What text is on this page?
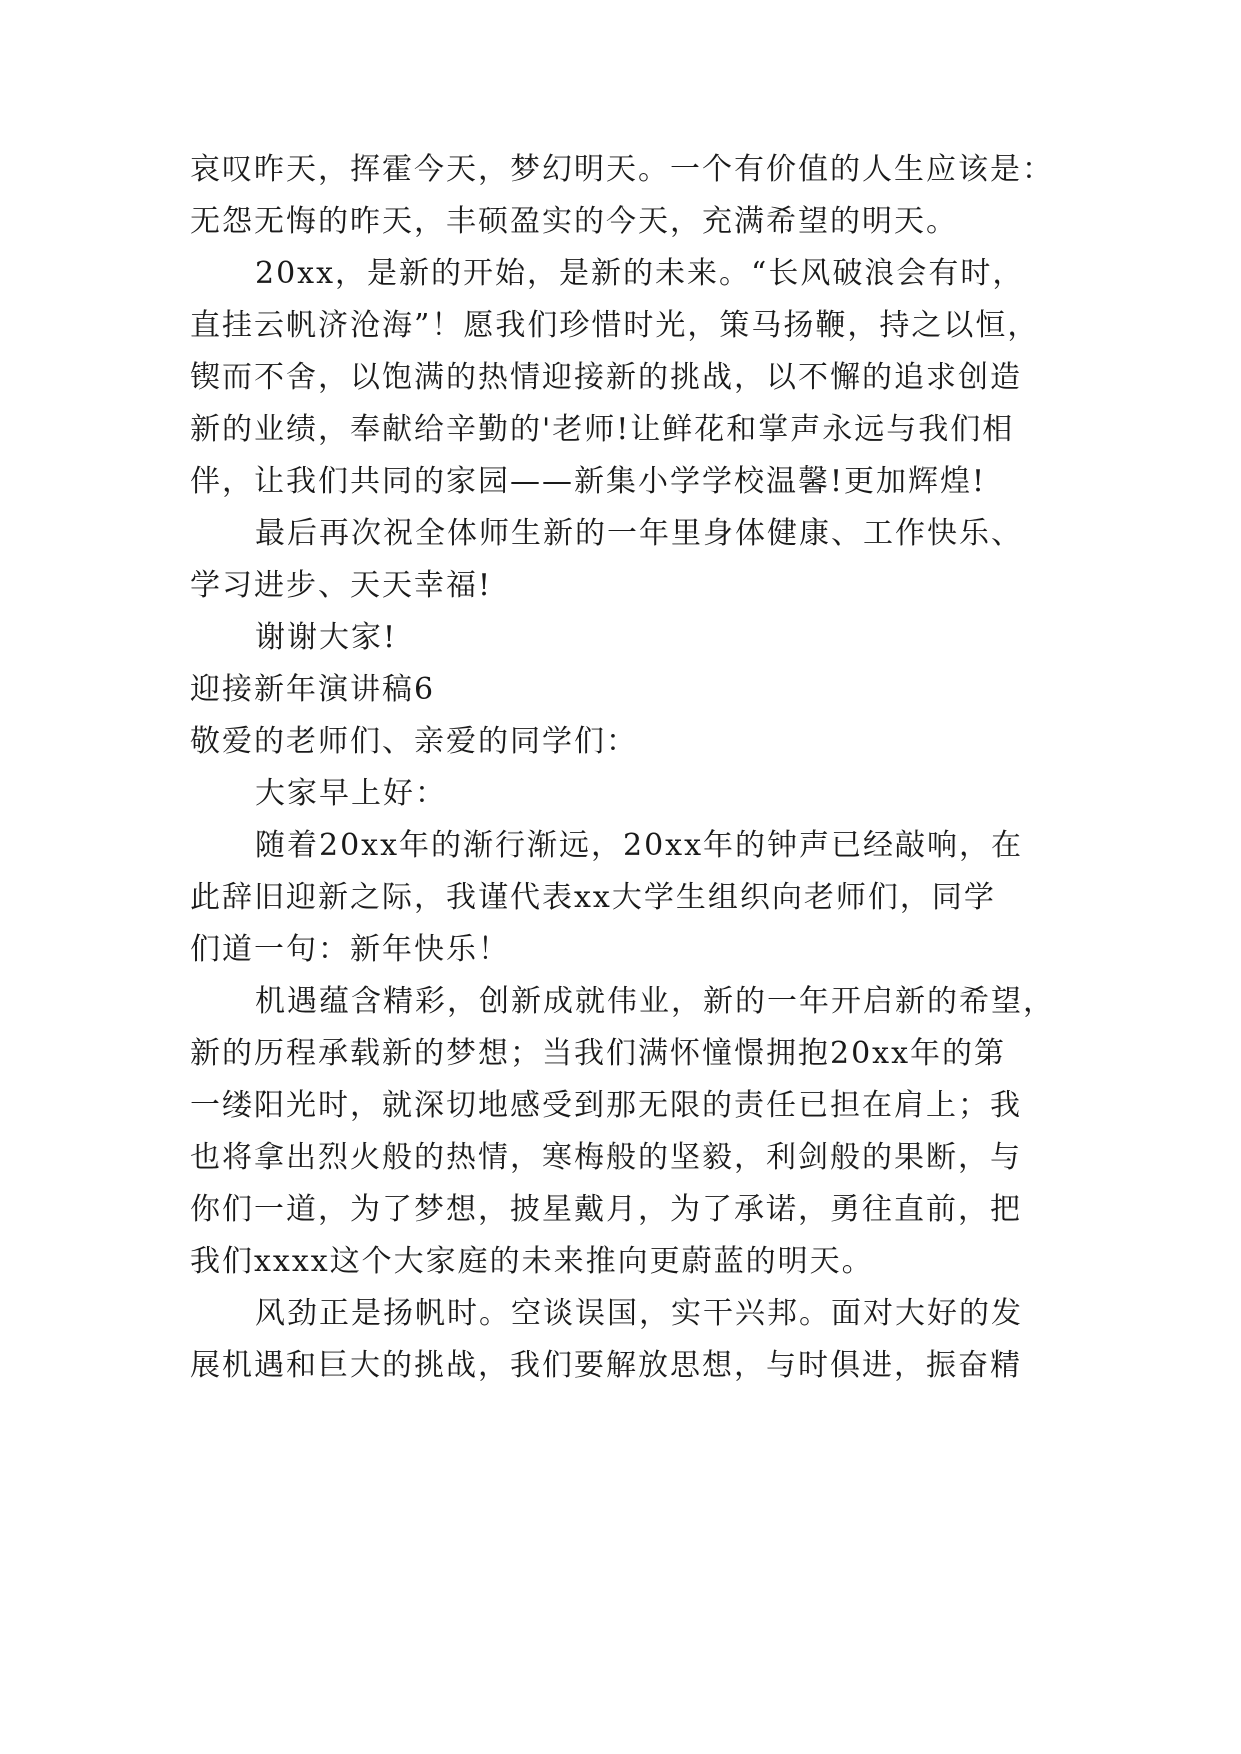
哀叹昨天，挥霍今天，梦幻明天。一个有价值的人生应该是：
无怨无悔的昨天，丰硕盈实的今天，充满希望的明天。
20xx，是新的开始，是新的未来。“长风破浪会有时，
直挂云帆济沧海”！愿我们珍惜时光，策马扬鞭，持之以恒，
锲而不舍，以饱满的热情迎接新的挑战，以不懈的追求创造
新的业绩，奉献给辛勤的'老师!让鲜花和掌声永远与我们相
伴，让我们共同的家园——新集小学学校温馨!更加辉煌!
最后再次祝全体师生新的一年里身体健康、工作快乐、
学习进步、天天幸福!
谢谢大家!
迎接新年演讲稿6
敬爱的老师们、亲爱的同学们：
大家早上好：
随着20xx年的渐行渐远，20xx年的钟声已经敲响，在
此辞旧迎新之际，我谨代表xx大学生组织向老师们，同学
们道一句：新年快乐！
机遇蕴含精彩，创新成就伟业，新的一年开启新的希望，
新的历程承载新的梦想；当我们满怀憧憬拥抱20xx年的第
一缕阳光时，就深切地感受到那无限的责任已担在肩上；我
也将拿出烈火般的热情，寒梅般的坚毅，利剑般的果断，与
你们一道，为了梦想，披星戴月，为了承诺，勇往直前，把
我们xxxx这个大家庭的未来推向更蔚蓝的明天。
风劲正是扬帆时。空谈误国，实干兴邦。面对大好的发
展机遇和巨大的挑战，我们要解放思想，与时俱进，振奋精
